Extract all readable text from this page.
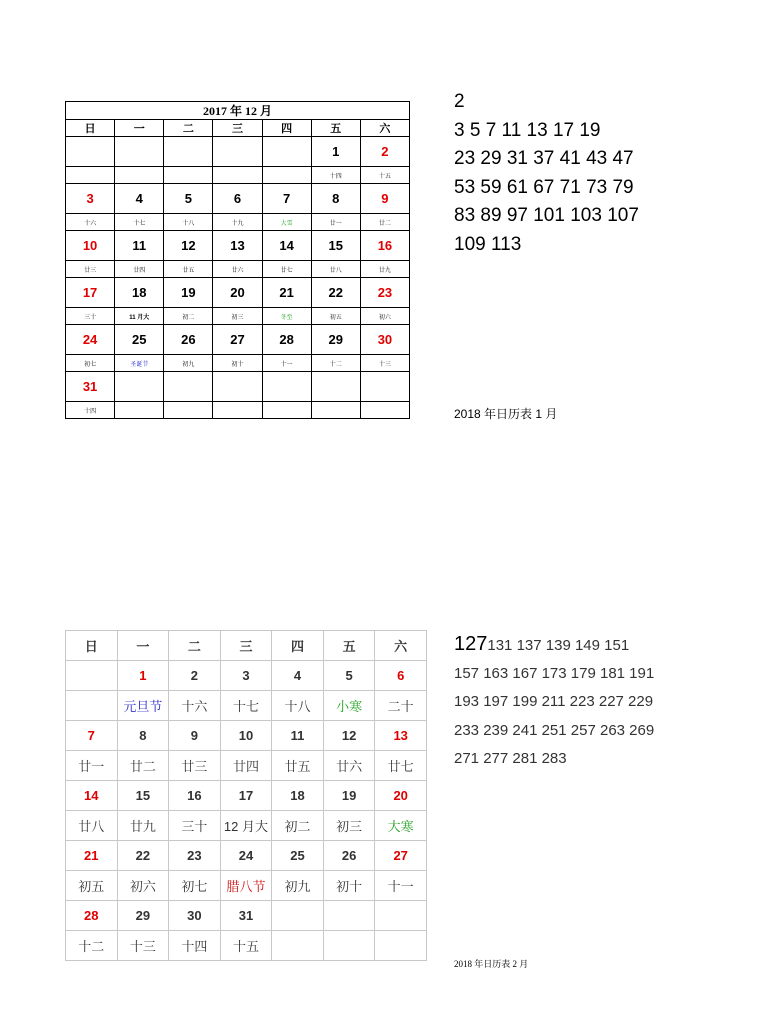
2017 年 12 月						
日	一	二	三	四	五	六
					1	2
					十四	十五
3	4	5	6	7	8	9
十六	十七	十八	十九	大雪	廿一	廿二
10	11	12	13	14	15	16
廿三	廿四	廿五	廿六	廿七	廿八	廿九
17	18	19	20	21	22	23
三十	11 月大	初二	初三	冬至	初五	初六
24	25	26	27	28	29	30
初七	圣诞节	初九	初十	十一	十二	十三
31						
十四						
2
3 5 7 11 13 17 19
23 29 31 37 41 43 47
53 59 61 67 71 73 79
83 89 97 101 103 107
109 113
2018 年日历表 1 月
日	一	二	三	四	五	六
	1	2	3	4	5	6
	元旦节	十六	十七	十八	小寒	二十
7	8	9	10	11	12	13
廿一	廿二	廿三	廿四	廿五	廿六	廿七
14	15	16	17	18	19	20
廿八	廿九	三十	12 月大	初二	初三	大寒
21	22	23	24	25	26	27
初五	初六	初七	腊八节	初九	初十	十一
28	29	30	31			
十二	十三	十四	十五			
127131 137 139 149 151
157 163 167 173 179 181 191
193 197 199 211 223 227 229
233 239 241 251 257 263 269
271 277 281 283
2018 年日历表 2 月
